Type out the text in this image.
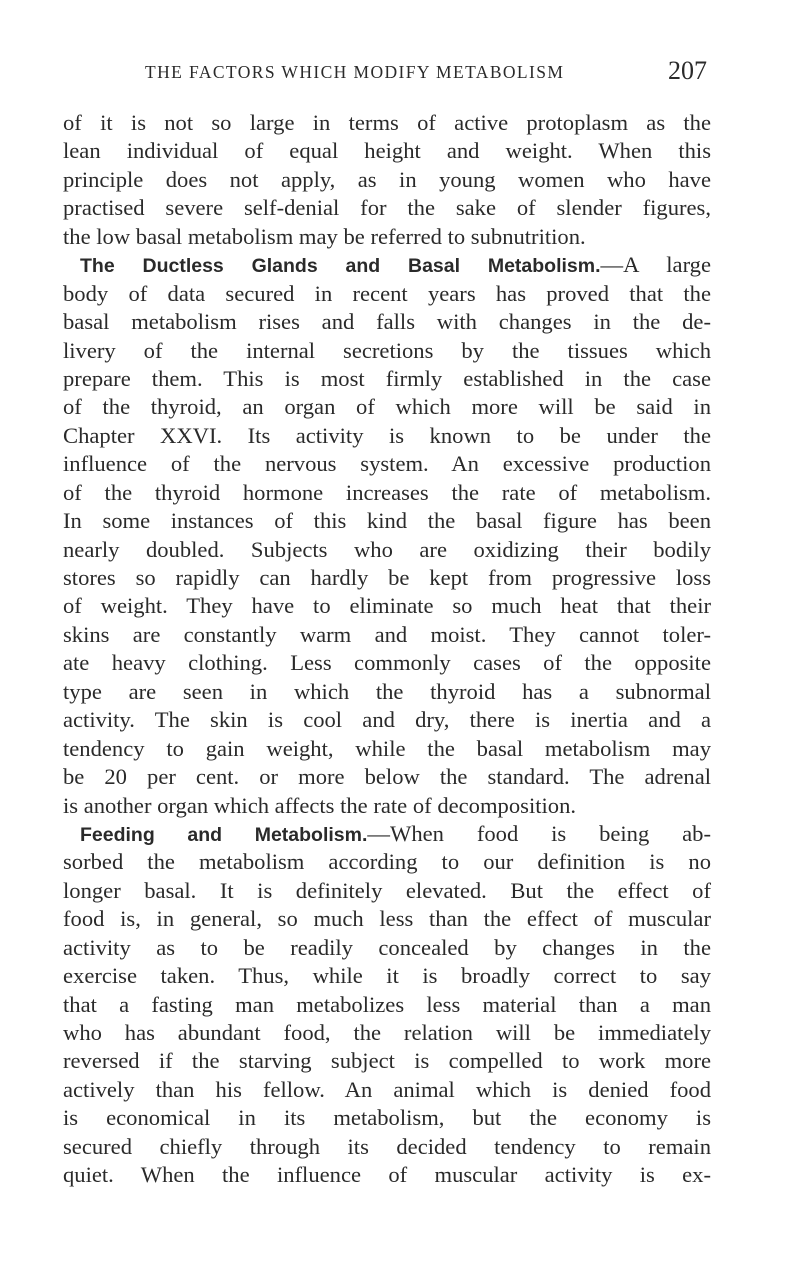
THE FACTORS WHICH MODIFY METABOLISM	207
of it is not so large in terms of active protoplasm as the
lean individual of equal height and weight. When this
principle does not apply, as in young women who have
practised severe self-denial for the sake of slender figures,
the low basal metabolism may be referred to subnutrition.
The Ductless Glands and Basal Metabolism.—A large
body of data secured in recent years has proved that the
basal metabolism rises and falls with changes in the de-
livery of the internal secretions by the tissues which
prepare them. This is most firmly established in the case
of the thyroid, an organ of which more will be said in
Chapter XXVI. Its activity is known to be under the
influence of the nervous system. An excessive production
of the thyroid hormone increases the rate of metabolism.
In some instances of this kind the basal figure has been
nearly doubled. Subjects who are oxidizing their bodily
stores so rapidly can hardly be kept from progressive loss
of weight. They have to eliminate so much heat that their
skins are constantly warm and moist. They cannot toler-
ate heavy clothing. Less commonly cases of the opposite
type are seen in which the thyroid has a subnormal
activity. The skin is cool and dry, there is inertia and a
tendency to gain weight, while the basal metabolism may
be 20 per cent. or more below the standard. The adrenal
is another organ which affects the rate of decomposition.
Feeding and Metabolism.—When food is being ab-
sorbed the metabolism according to our definition is no
longer basal. It is definitely elevated. But the effect of
food is, in general, so much less than the effect of muscular
activity as to be readily concealed by changes in the
exercise taken. Thus, while it is broadly correct to say
that a fasting man metabolizes less material than a man
who has abundant food, the relation will be immediately
reversed if the starving subject is compelled to work more
actively than his fellow. An animal which is denied food
is economical in its metabolism, but the economy is
secured chiefly through its decided tendency to remain
quiet. When the influence of muscular activity is ex-
